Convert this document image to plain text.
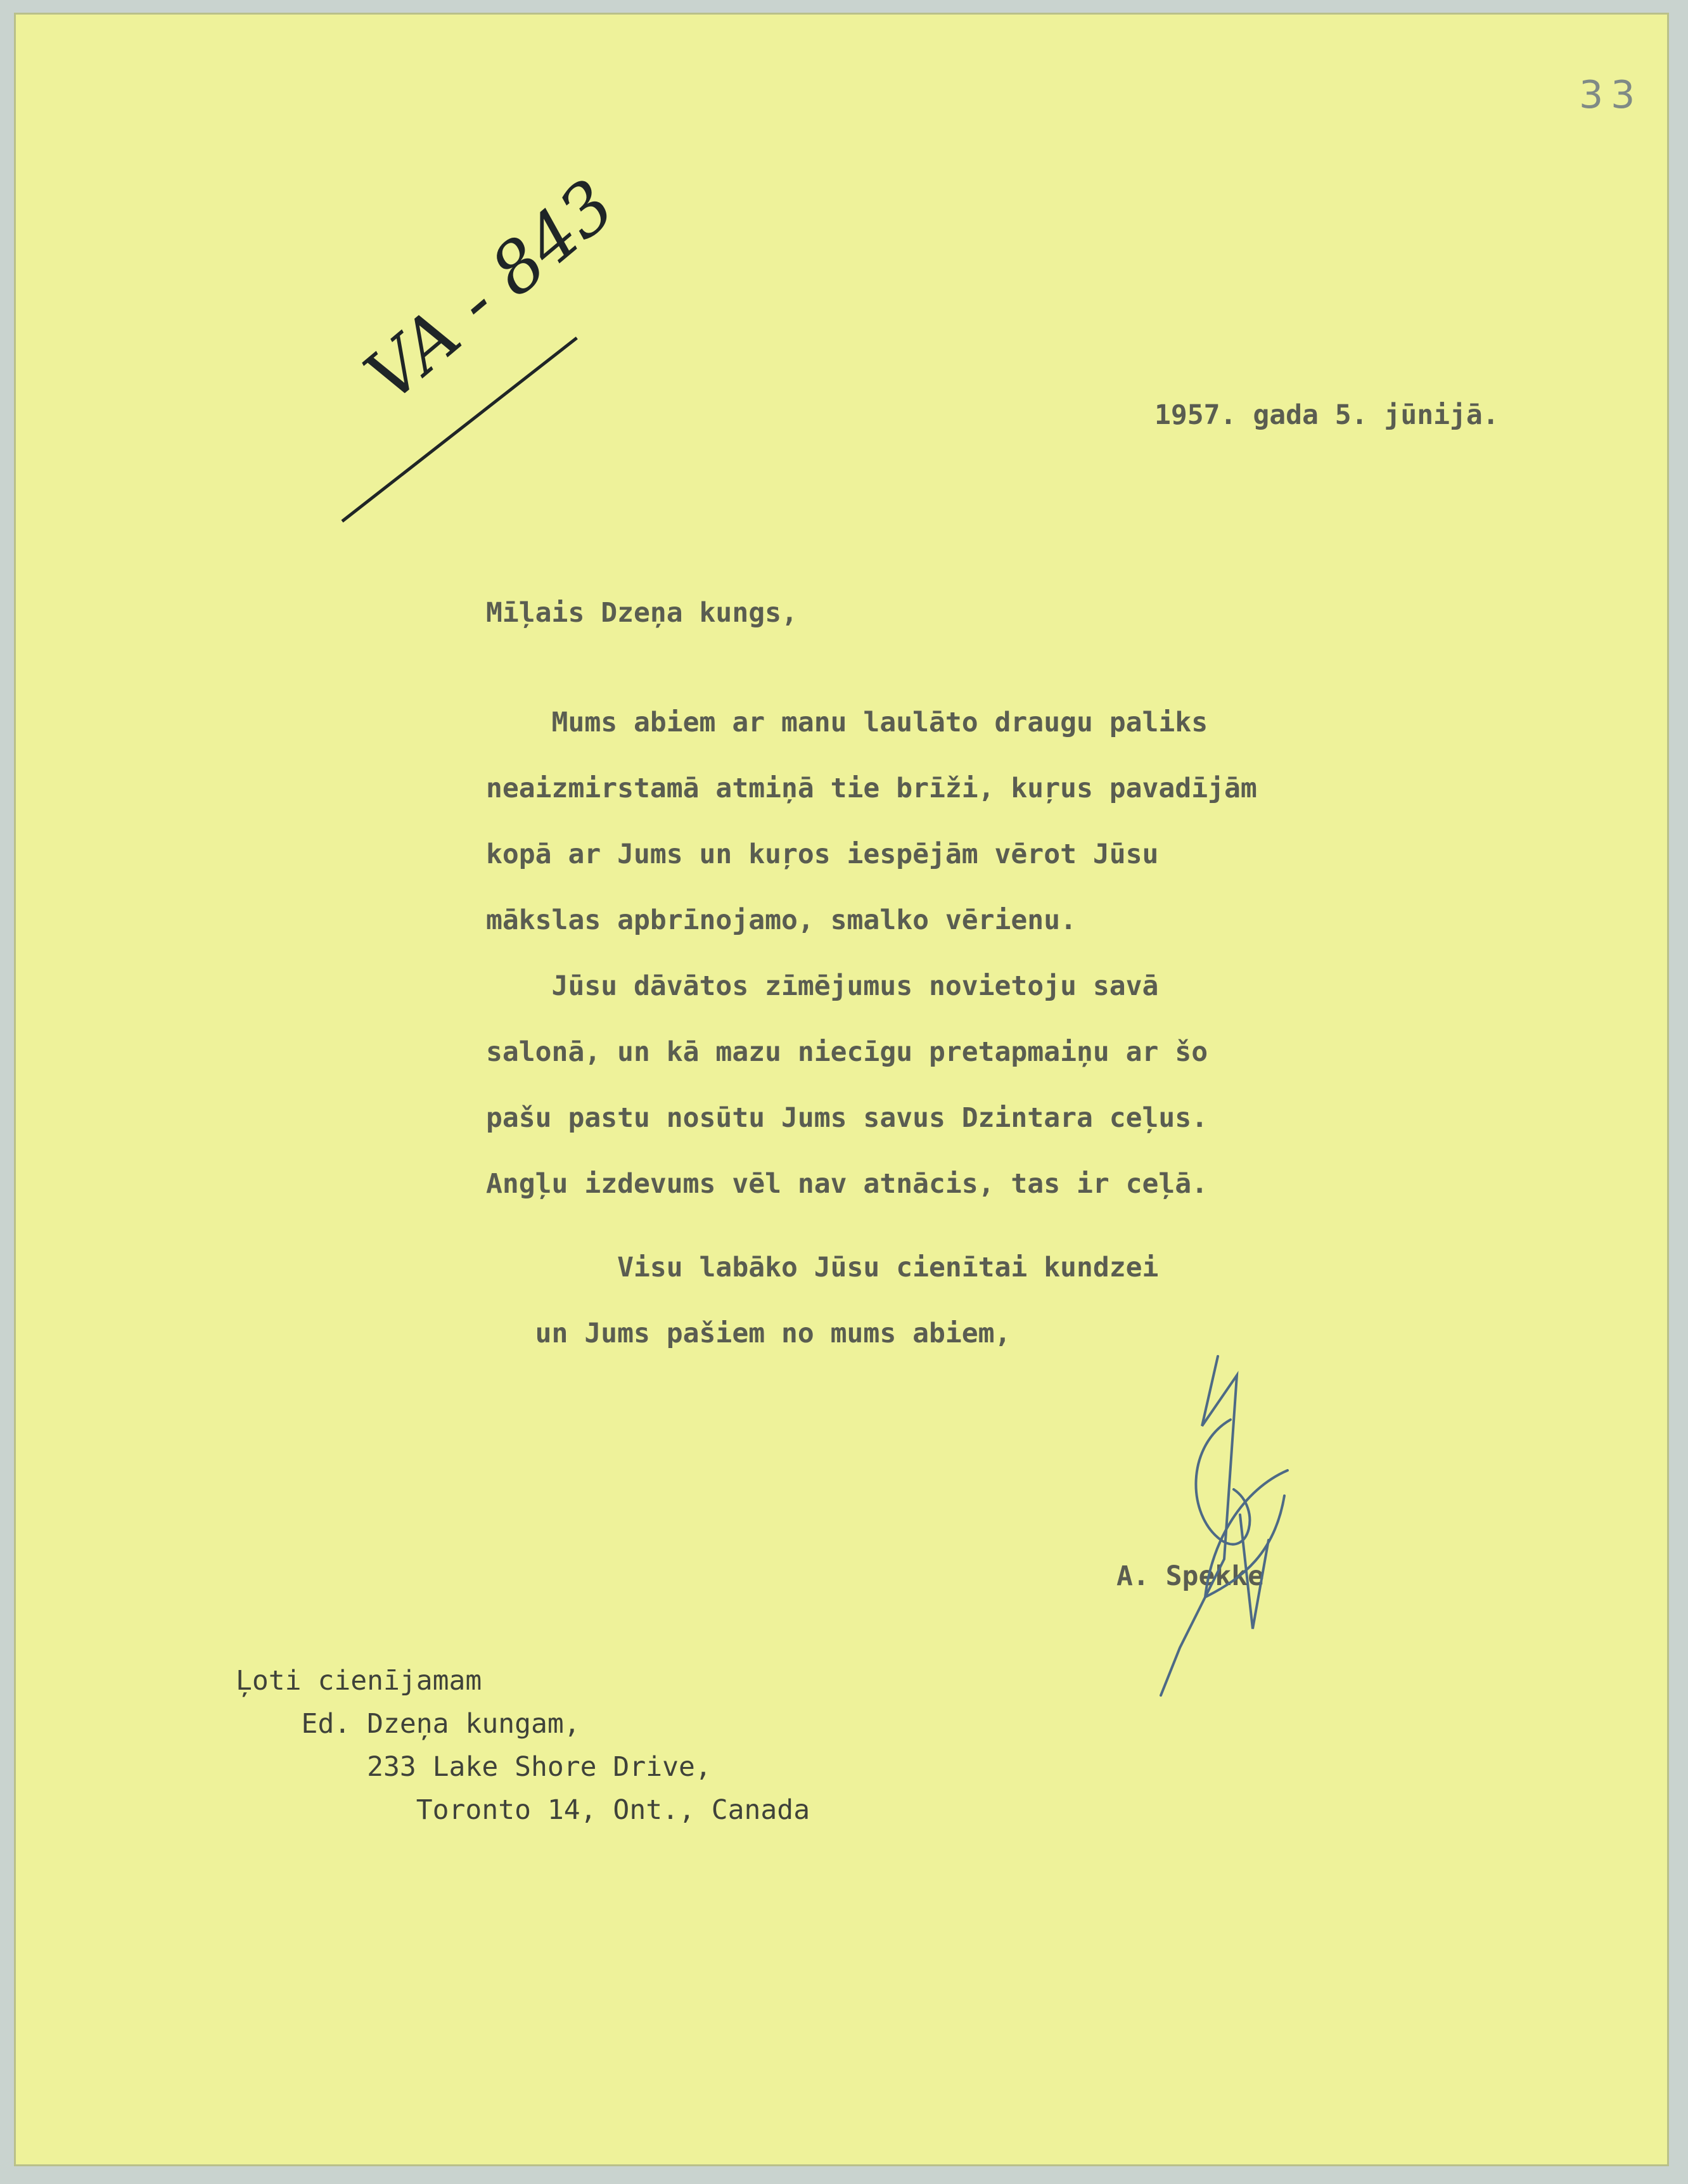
33
VA - 843	1957. gada 5. jūnijā.
Mīļais Dzeņa kungs,
Mums abiem ar manu laulāto draugu paliks
neaizmirstamā atmiņā tie brīži, kuŗus pavadījām
kopā ar Jums un kuŗos iespējām vērot Jūsu
mākslas apbrīnojamo, smalko vērienu.
Jūsu dāvātos zīmējumus novietoju savā
salonā, un kā mazu niecīgu pretapmaiņu ar šo
pašu pastu nosūtu Jums savus Dzintara ceļus.
Angļu izdevums vēl nav atnācis, tas ir ceļā.
Visu labāko Jūsu cienītai kundzei
un Jums pašiem no mums abiem,
A. Spekke
Ļoti cienījamam
Ed. Dzeņa kungam,
233 Lake Shore Drive,
Toronto 14, Ont., Canada
